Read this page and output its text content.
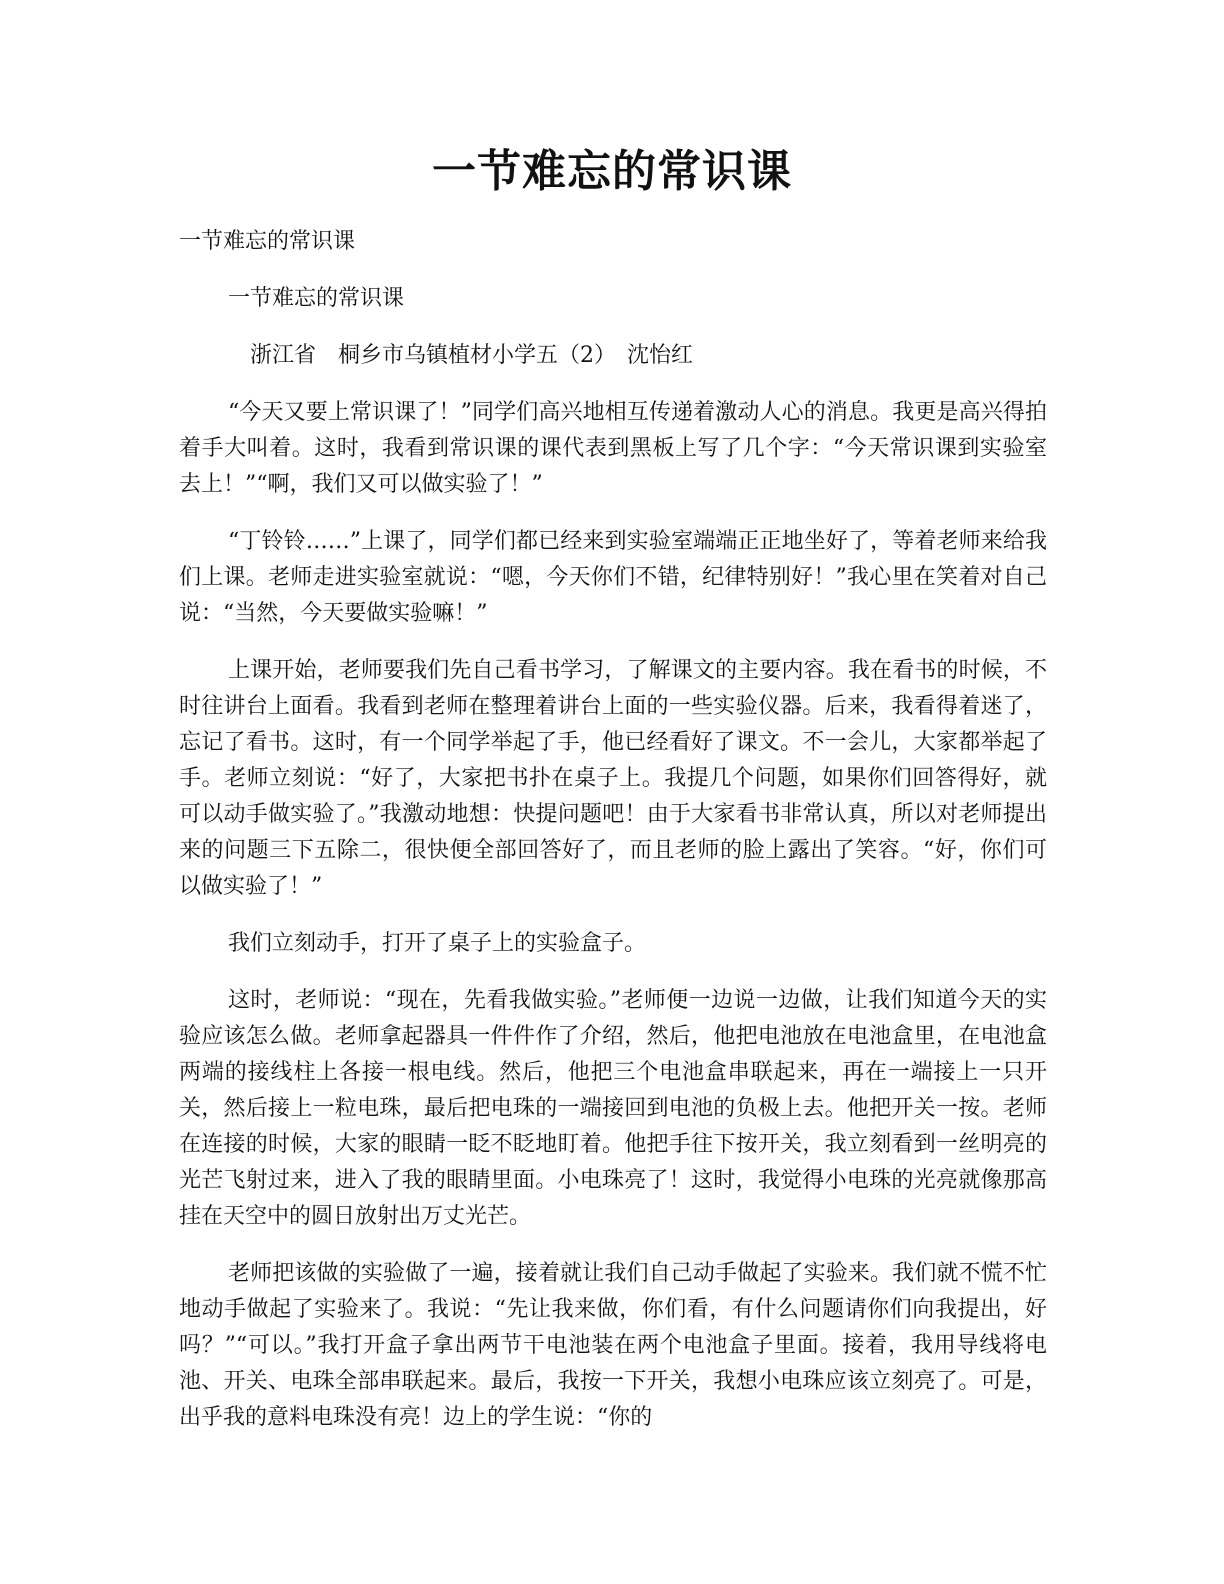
一节难忘的常识课
一节难忘的常识课

一节难忘的常识课

浙江省　桐乡市乌镇植材小学五（2）　沈怡红

“今天又要上常识课了！”同学们高兴地相互传递着激动人心的消息。我更是高兴得拍着手大叫着。这时，我看到常识课的课代表到黑板上写了几个字：“今天常识课到实验室去上！”“啊，我们又可以做实验了！”

“丁铃铃……”上课了，同学们都已经来到实验室端端正正地坐好了，等着老师来给我们上课。老师走进实验室就说：“嗯，今天你们不错，纪律特别好！”我心里在笑着对自己说：“当然，今天要做实验嘛！”

上课开始，老师要我们先自己看书学习，了解课文的主要内容。我在看书的时候，不时往讲台上面看。我看到老师在整理着讲台上面的一些实验仪器。后来，我看得着迷了，忘记了看书。这时，有一个同学举起了手，他已经看好了课文。不一会儿，大家都举起了手。老师立刻说：“好了，大家把书扑在桌子上。我提几个问题，如果你们回答得好，就可以动手做实验了。”我激动地想：快提问题吧！由于大家看书非常认真，所以对老师提出来的问题三下五除二，很快便全部回答好了，而且老师的脸上露出了笑容。“好，你们可以做实验了！”

我们立刻动手，打开了桌子上的实验盒子。

这时，老师说：“现在，先看我做实验。”老师便一边说一边做，让我们知道今天的实验应该怎么做。老师拿起器具一件件作了介绍，然后，他把电池放在电池盒里，在电池盒两端的接线柱上各接一根电线。然后，他把三个电池盒串联起来，再在一端接上一只开关，然后接上一粒电珠，最后把电珠的一端接回到电池的负极上去。他把开关一按。老师在连接的时候，大家的眼睛一眨不眨地盯着。他把手往下按开关，我立刻看到一丝明亮的光芒飞射过来，进入了我的眼睛里面。小电珠亮了！这时，我觉得小电珠的光亮就像那高挂在天空中的圆日放射出万丈光芒。

老师把该做的实验做了一遍，接着就让我们自己动手做起了实验来。我们就不慌不忙地动手做起了实验来了。我说：“先让我来做，你们看，有什么问题请你们向我提出，好吗？”“可以。”我打开盒子拿出两节干电池装在两个电池盒子里面。接着，我用导线将电池、开关、电珠全部串联起来。最后，我按一下开关，我想小电珠应该立刻亮了。可是，出乎我的意料电珠没有亮！边上的学生说：“你的
